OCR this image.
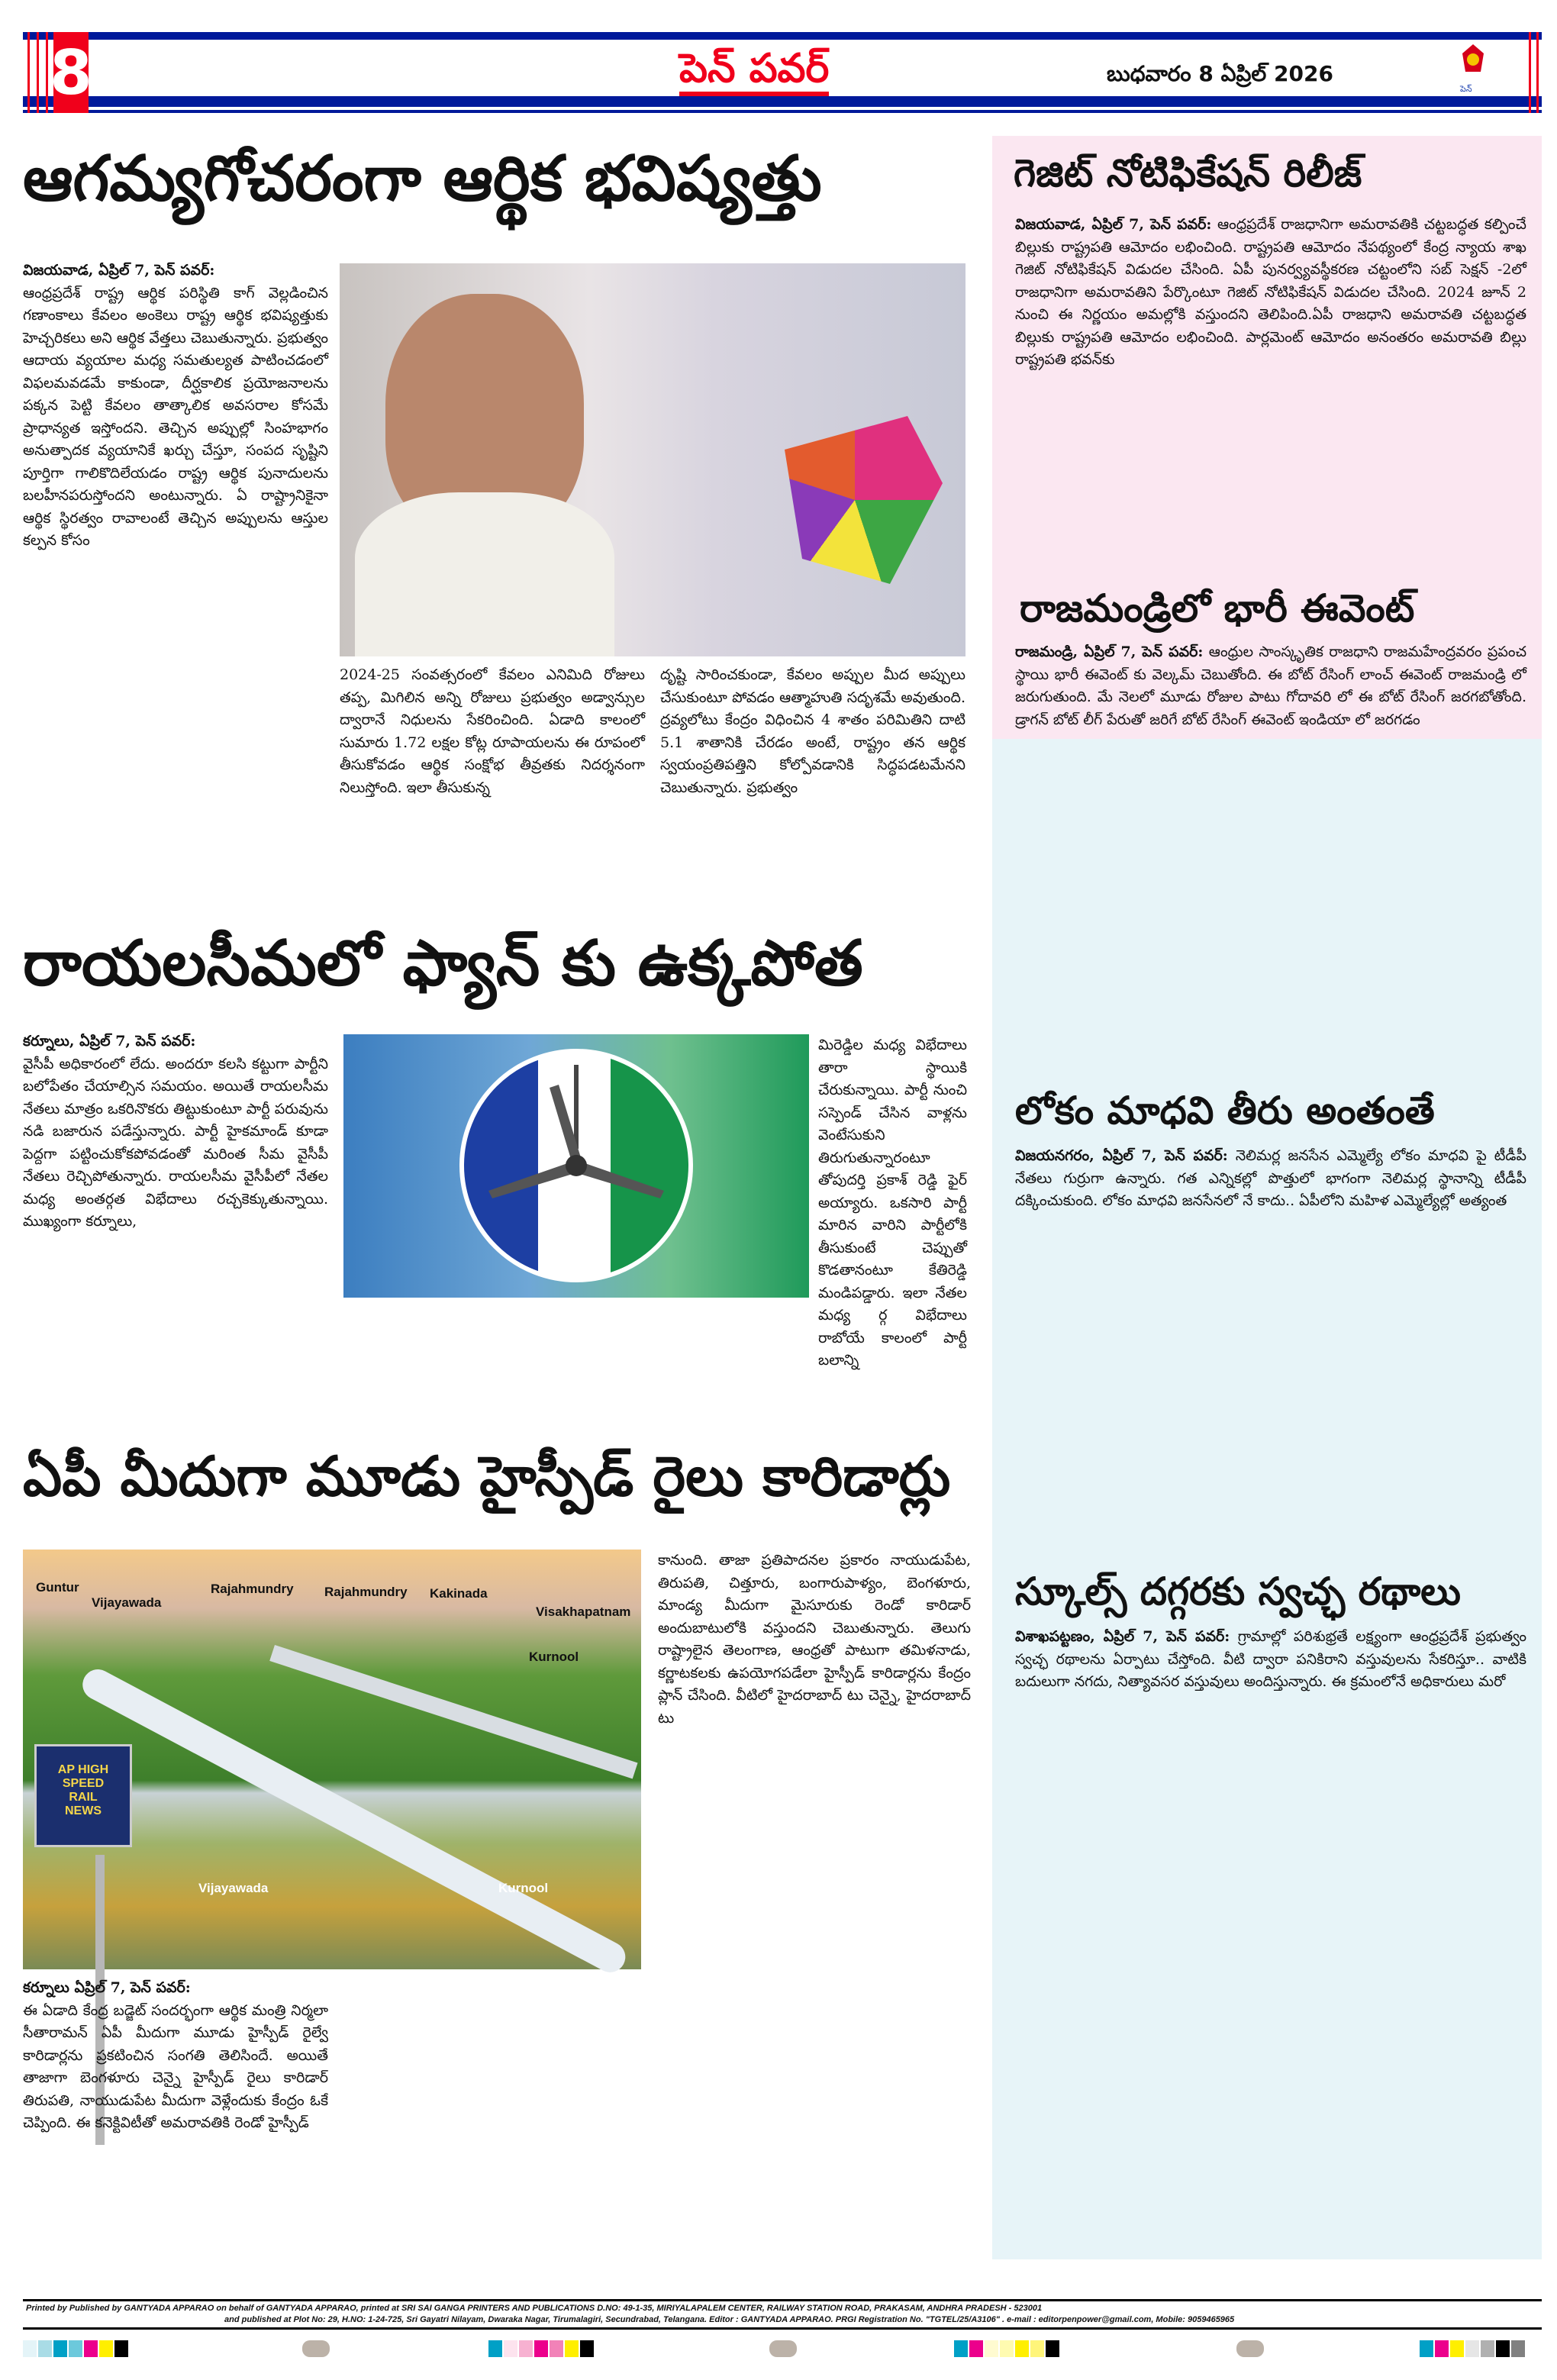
8	పెన్ పవర్	బుధవారం 8 ఏప్రిల్ 2026
పెన్
ఆగమ్యగోచరంగా ఆర్థిక భవిష్యత్తు
విజయవాడ, ఏప్రిల్ 7, పెన్ పవర్:
ఆంధ్రప్రదేశ్ రాష్ట్ర ఆర్థిక పరిస్థితి కాగ్ వెల్లడించిన గణాంకాలు కేవలం అంకెలు రాష్ట్ర ఆర్థిక భవిష్యత్తుకు హెచ్చరికలు అని ఆర్థిక వేత్తలు చెబుతున్నారు. ప్రభుత్వం ఆదాయ వ్యయాల మధ్య సమతుల్యత పాటించడంలో విఫలమవడమే కాకుండా, దీర్ఘకాలిక ప్రయోజనాలను పక్కన పెట్టి కేవలం తాత్కాలిక అవసరాల కోసమే ప్రాధాన్యత ఇస్తోందని. తెచ్చిన అప్పుల్లో సింహభాగం అనుత్పాదక వ్యయానికే ఖర్చు చేస్తూ, సంపద సృష్టిని పూర్తిగా గాలికొదిలేయడం రాష్ట్ర ఆర్థిక పునాదులను బలహీనపరుస్తోందని అంటున్నారు. ఏ రాష్ట్రానికైనా ఆర్థిక స్థిరత్వం రావాలంటే తెచ్చిన అప్పులను ఆస్తుల కల్పన కోసం
2024-25 సంవత్సరంలో కేవలం ఎనిమిది రోజులు తప్ప, మిగిలిన అన్ని రోజులు ప్రభుత్వం అడ్వాన్సుల ద్వారానే నిధులను సేకరించింది. ఏడాది కాలంలో సుమారు 1.72 లక్షల కోట్ల రూపాయలను ఈ రూపంలో తీసుకోవడం ఆర్థిక సంక్షోభ తీవ్రతకు నిదర్శనంగా నిలుస్తోంది. ఇలా తీసుకున్న
దృష్టి సారించకుండా, కేవలం అప్పుల మీద అప్పులు చేసుకుంటూ పోవడం ఆత్మాహుతి సదృశమే అవుతుంది. ద్రవ్యలోటు కేంద్రం విధించిన 4 శాతం పరిమితిని దాటి 5.1 శాతానికి చేరడం అంటే, రాష్ట్రం తన ఆర్థిక స్వయంప్రతిపత్తిని కోల్పోవడానికి సిద్ధపడటమేనని చెబుతున్నారు. ప్రభుత్వం
రాయలసీమలో ఫ్యాన్ కు ఉక్కపోత
కర్నూలు, ఏప్రిల్ 7, పెన్ పవర్:
వైసీపీ అధికారంలో లేదు. అందరూ కలసి కట్టుగా పార్టీని బలోపేతం చేయాల్సిన సమయం. అయితే రాయలసీమ నేతలు మాత్రం ఒకరినొకరు తిట్టుకుంటూ పార్టీ పరువును నడి బజారున పడేస్తున్నారు. పార్టీ హైకమాండ్ కూడా పెద్దగా పట్టించుకోకపోవడంతో మరింత సీమ వైసీపీ నేతలు రెచ్చిపోతున్నారు. రాయలసీమ వైసీపీలో నేతల మధ్య అంతర్గత విభేదాలు రచ్చకెక్కుతున్నాయి. ముఖ్యంగా కర్నూలు,
మిరెడ్డిల మధ్య విభేదాలు తారా స్థాయికి చేరుకున్నాయి. పార్టీ నుంచి సస్పెండ్ చేసిన వాళ్లను వెంటేసుకుని తిరుగుతున్నారంటూ తోపుదర్తి ప్రకాశ్ రెడ్డి ఫైర్ అయ్యారు. ఒకసారి పార్టీ మారిన వారిని పార్టీలోకి తీసుకుంటే చెప్పుతో కొడతానంటూ కేతిరెడ్డి మండిపడ్డారు. ఇలా నేతల మధ్య ర్గ విభేదాలు రాబోయే కాలంలో పార్టీ బలాన్ని
ఏపీ మీదుగా మూడు హైస్పీడ్ రైలు కారిడార్లు
AP HIGH SPEED
RAIL
NEWS
Guntur
Vijayawada
Rajahmundry Rajahmundry Kakinada
Visakhapatnam
Kurnool
Vijayawada	Kurnool
కర్నూలు ఏప్రిల్ 7, పెన్ పవర్:
ఈ ఏడాది కేంద్ర బడ్జెట్ సందర్భంగా ఆర్థిక మంత్రి నిర్మలా సీతారామన్ ఏపీ మీదుగా మూడు హైస్పీడ్ రైల్వే కారిడార్లను ప్రకటించిన సంగతి తెలిసిందే. అయితే తాజాగా బెంగళూరు చెన్నై హైస్పీడ్ రైలు కారిడార్ తిరుపతి, నాయుడుపేట మీదుగా వెళ్లేందుకు కేంద్రం ఓకే చెప్పింది. ఈ కనెక్టివిటీతో అమరావతికి రెండో హైస్పీడ్
కానుంది. తాజా ప్రతిపాదనల ప్రకారం నాయుడుపేట, తిరుపతి, చిత్తూరు, బంగారుపాళ్యం, బెంగళూరు, మాండ్య మీదుగా మైసూరుకు రెండో కారిడార్ అందుబాటులోకి వస్తుందని చెబుతున్నారు. తెలుగు రాష్ట్రాలైన తెలంగాణ, ఆంధ్రతో పాటుగా తమిళనాడు, కర్ణాటకలకు ఉపయోగపడేలా హైస్పీడ్ కారిడార్లను కేంద్రం ప్లాన్ చేసింది. వీటిలో హైదరాబాద్ టు చెన్నై, హైదరాబాద్ టు
గెజిట్ నోటిఫికేషన్ రిలీజ్
విజయవాడ, ఏప్రిల్ 7, పెన్ పవర్: ఆంధ్రప్రదేశ్ రాజధానిగా అమరావతికి చట్టబద్ధత కల్పించే బిల్లుకు రాష్ట్రపతి ఆమోదం లభించింది. రాష్ట్రపతి ఆమోదం నేపథ్యంలో కేంద్ర న్యాయ శాఖ గెజిట్ నోటిఫికేషన్ విడుదల చేసింది. ఏపీ పునర్వ్యవస్థీకరణ చట్టంలోని సబ్ సెక్షన్ -2లో రాజధానిగా అమరావతిని పేర్కొంటూ గెజిట్ నోటిఫికేషన్ విడుదల చేసింది. 2024 జూన్ 2 నుంచి ఈ నిర్ణయం అమల్లోకి వస్తుందని తెలిపింది.ఏపీ రాజధాని అమరావతి చట్టబద్ధత బిల్లుకు రాష్ట్రపతి ఆమోదం లభించింది. పార్లమెంట్ ఆమోదం అనంతరం అమరావతి బిల్లు రాష్ట్రపతి భవన్‌కు
రాజమండ్రిలో భారీ ఈవెంట్
రాజమండ్రి, ఏప్రిల్ 7, పెన్ పవర్: ఆంధ్రుల సాంస్కృతిక రాజధాని రాజమహేంద్రవరం ప్రపంచ స్థాయి భారీ ఈవెంట్ కు వెల్కమ్ చెబుతోంది. ఈ బోట్ రేసింగ్ లాంచ్ ఈవెంట్ రాజమండ్రి లో జరుగుతుంది. మే నెలలో మూడు రోజుల పాటు గోదావరి లో ఈ బోట్ రేసింగ్ జరగబోతోంది. డ్రాగన్ బోట్ లీగ్ పేరుతో జరిగే బోట్ రేసింగ్ ఈవెంట్ ఇండియా లో జరగడం
లోకం మాధవి తీరు అంతంతే
విజయనగరం, ఏప్రిల్ 7, పెన్ పవర్: నెలిమర్ల జనసేన ఎమ్మెల్యే లోకం మాధవి పై టీడీపీ నేతలు గుర్రుగా ఉన్నారు. గత ఎన్నికల్లో పొత్తులో భాగంగా నెలిమర్ల స్థానాన్ని టీడీపీ దక్కించుకుంది. లోకం మాధవి జనసేనలో నే కాదు.. ఏపీలోని మహిళ ఎమ్మెల్యేల్లో అత్యంత
స్కూల్స్ దగ్గరకు స్వచ్ఛ రథాలు
విశాఖపట్టణం, ఏప్రిల్ 7, పెన్ పవర్: గ్రామాల్లో పరిశుభ్రతే లక్ష్యంగా ఆంధ్రప్రదేశ్ ప్రభుత్వం స్వచ్ఛ రథాలను ఏర్పాటు చేస్తోంది. వీటి ద్వారా పనికిరాని వస్తువులను సేకరిస్తూ.. వాటికి బదులుగా నగదు, నిత్యావసర వస్తువులు అందిస్తున్నారు. ఈ క్రమంలోనే అధికారులు మరో
Printed by Published by GANTYADA APPARAO on behalf of GANTYADA APPARAO, printed at SRI SAI GANGA PRINTERS AND PUBLICATIONS D.NO: 49-1-35, MIRIYALAPALEM CENTER, RAILWAY STATION ROAD, PRAKASAM, ANDHRA PRADESH - 523001
and published at Plot No: 29, H.NO: 1-24-725, Sri Gayatri Nilayam, Dwaraka Nagar, Tirumalagiri, Secundrabad, Telangana. Editor : GANTYADA APPARAO. PRGI Registration No. "TGTEL/25/A3106" . e-mail : editorpenpower@gmail.com, Mobile: 9059465965
